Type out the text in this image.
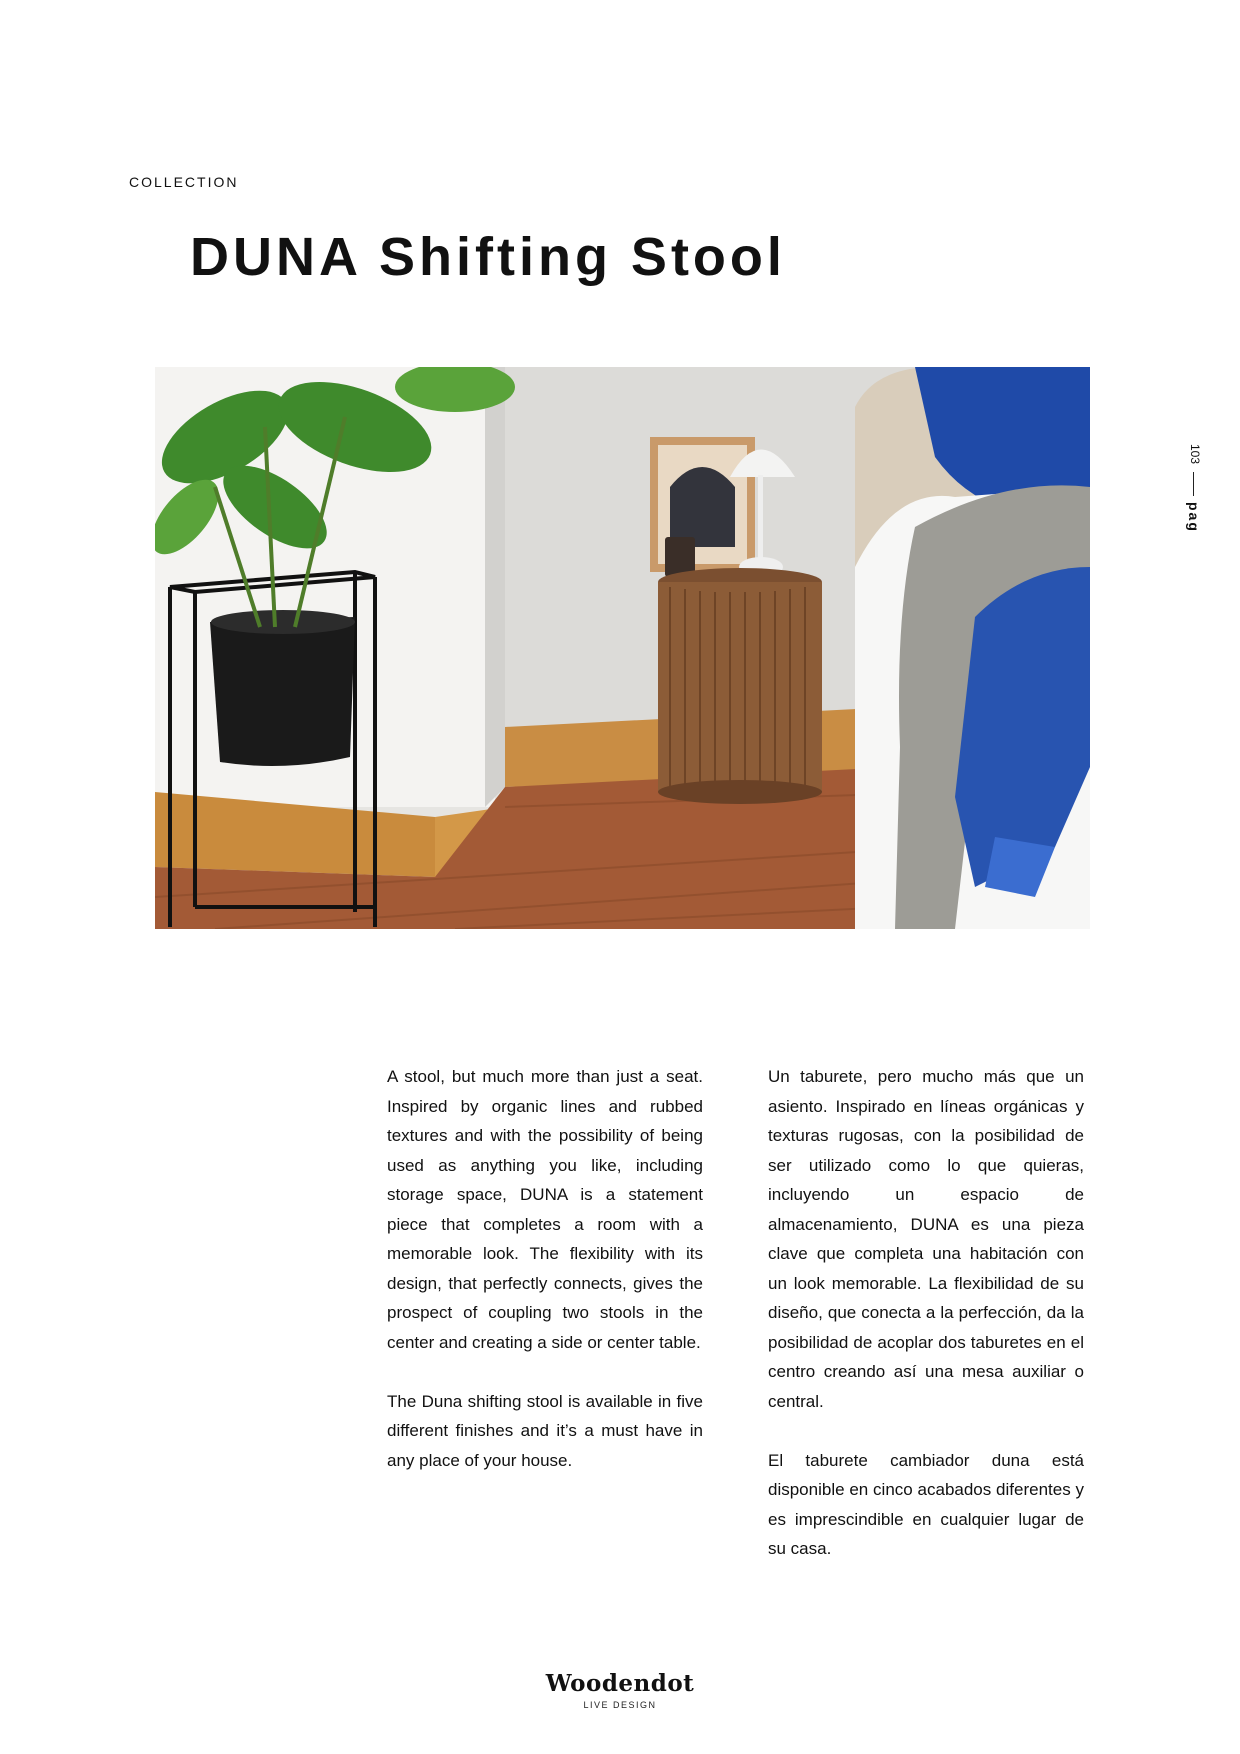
COLLECTION
DUNA Shifting Stool
103
pag

A stool, but much more than just a seat. Inspired by organic lines and rubbed textures and with the possibility of being used as anything you like, including storage space, DUNA is a statement piece that completes a room with a memorable look. The flexibility with its design, that perfectly connects, gives the prospect of coupling two stools in the center and creating a side or center table.

The Duna shifting stool is available in five different finishes and it’s a must have in any place of your house.

Un taburete, pero mucho más que un asiento. Inspirado en líneas orgánicas y texturas rugosas, con la posibilidad de ser utilizado como lo que quieras, incluyendo un espacio de almacenamiento, DUNA es una pieza clave que completa una habitación con un look memorable. La flexibilidad de su diseño, que conecta a la perfección, da la posibilidad de acoplar dos taburetes en el centro creando así una mesa auxiliar o central.

El taburete cambiador duna está disponible en cinco acabados diferentes y es imprescindible en cualquier lugar de su casa.

Woodendot
LIVE DESIGN
